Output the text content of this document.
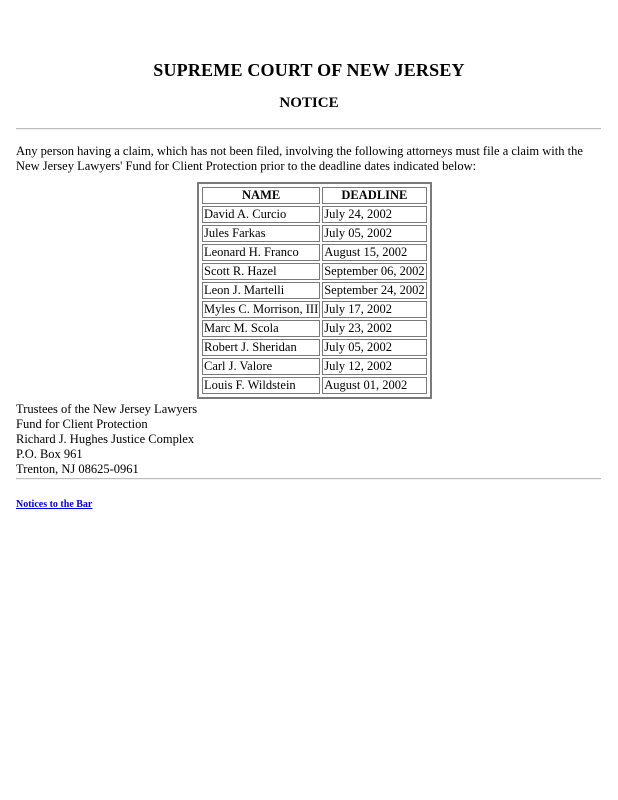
SUPREME COURT OF NEW JERSEY
NOTICE
Any person having a claim, which has not been filed, involving the following attorneys must file a claim with the New Jersey Lawyers' Fund for Client Protection prior to the deadline dates indicated below:
NAME	DEADLINE
David A. Curcio	July 24, 2002
Jules Farkas	July 05, 2002
Leonard H. Franco	August 15, 2002
Scott R. Hazel	September 06, 2002
Leon J. Martelli	September 24, 2002
Myles C. Morrison, III	July 17, 2002
Marc M. Scola	July 23, 2002
Robert J. Sheridan	July 05, 2002
Carl J. Valore	July 12, 2002
Louis F. Wildstein	August 01, 2002
Trustees of the New Jersey Lawyers
Fund for Client Protection
Richard J. Hughes Justice Complex
P.O. Box 961
Trenton, NJ 08625-0961
Notices to the Bar
